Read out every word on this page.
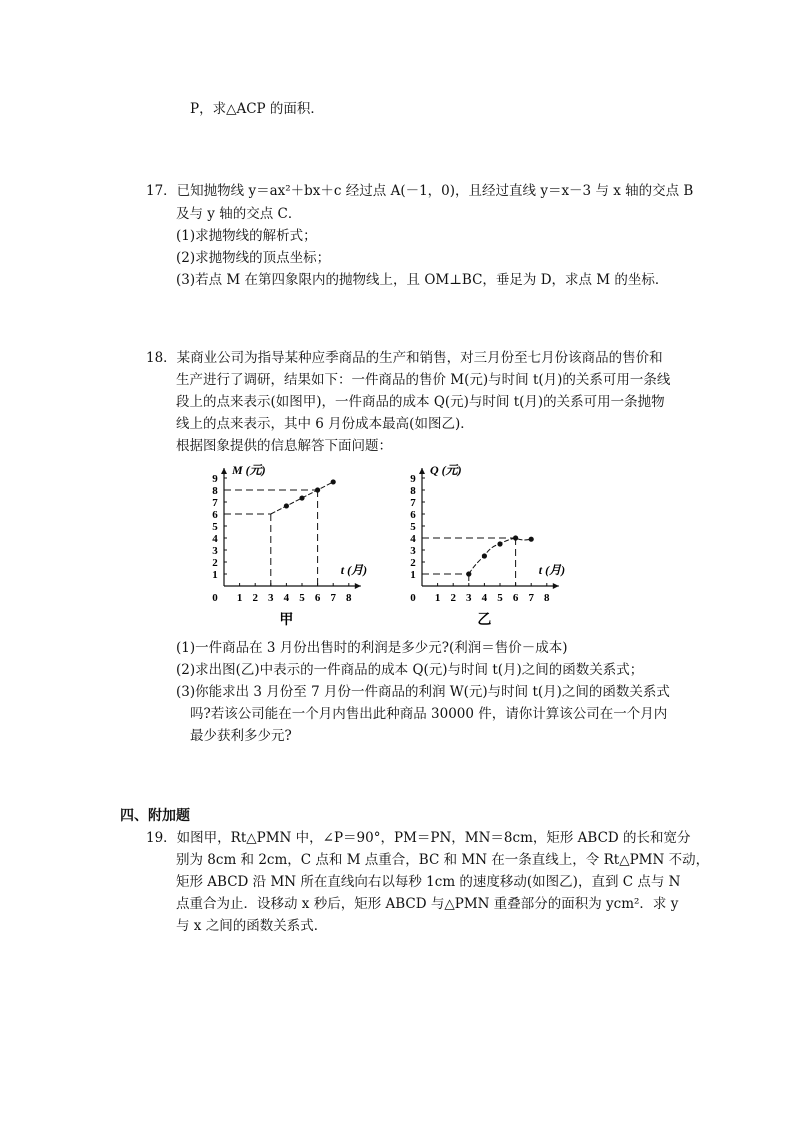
P，求△ACP 的面积．
17．已知抛物线 y＝ax²＋bx＋c 经过点 A(－1，0)，且经过直线 y＝x－3 与 x 轴的交点 B
及与 y 轴的交点 C．
(1)求抛物线的解析式；
(2)求抛物线的顶点坐标；
(3)若点 M 在第四象限内的抛物线上，且 OM⊥BC，垂足为 D，求点 M 的坐标．
18．某商业公司为指导某种应季商品的生产和销售，对三月份至七月份该商品的售价和
生产进行了调研，结果如下：一件商品的售价 M(元)与时间 t(月)的关系可用一条线
段上的点来表示(如图甲)，一件商品的成本 Q(元)与时间 t(月)的关系可用一条抛物
线上的点来表示，其中 6 月份成本最高(如图乙)．
根据图象提供的信息解答下面问题：
1 2 3 4 5 6 7 8
1
2
3
4
5
6
7
8
9
0
M (元)
t (月)
甲
1 2 3 4 5 6 7 8
1
2
3
4
5
6
7
8
9
0
Q (元)
t (月)
乙
(1)一件商品在 3 月份出售时的利润是多少元?(利润＝售价－成本)
(2)求出图(乙)中表示的一件商品的成本 Q(元)与时间 t(月)之间的函数关系式；
(3)你能求出 3 月份至 7 月份一件商品的利润 W(元)与时间 t(月)之间的函数关系式
吗?若该公司能在一个月内售出此种商品 30000 件，请你计算该公司在一个月内
最少获利多少元?
四、附加题
19．如图甲，Rt△PMN 中，∠P＝90°，PM＝PN，MN＝8cm，矩形 ABCD 的长和宽分
别为 8cm 和 2cm，C 点和 M 点重合，BC 和 MN 在一条直线上，令 Rt△PMN 不动，
矩形 ABCD 沿 MN 所在直线向右以每秒 1cm 的速度移动(如图乙)，直到 C 点与 N
点重合为止．设移动 x 秒后，矩形 ABCD 与△PMN 重叠部分的面积为 ycm²．求 y
与 x 之间的函数关系式．
